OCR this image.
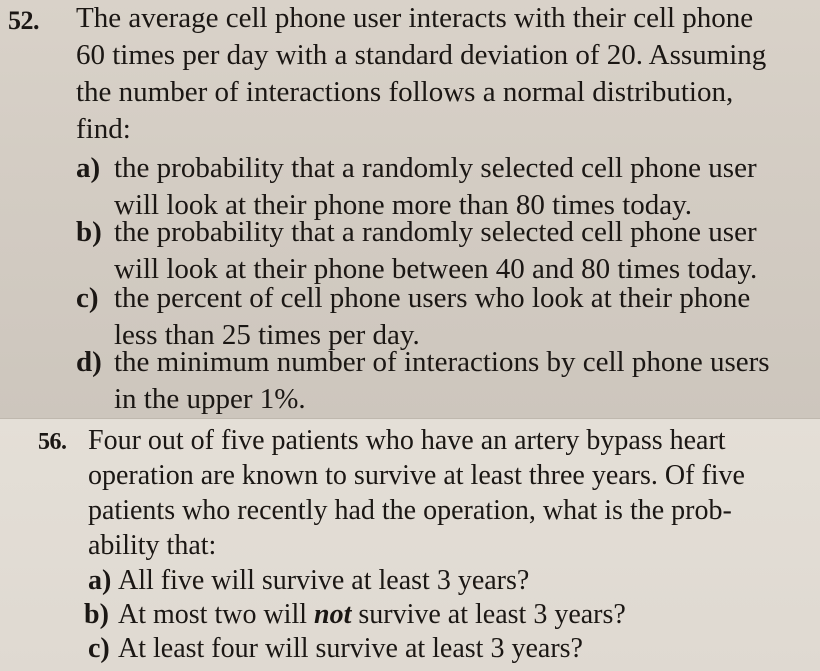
52. The average cell phone user interacts with their cell phone
60 times per day with a standard deviation of 20. Assuming
the number of interactions follows a normal distribution,
find:
a) the probability that a randomly selected cell phone user
will look at their phone more than 80 times today.
b) the probability that a randomly selected cell phone user
will look at their phone between 40 and 80 times today.
c) the percent of cell phone users who look at their phone
less than 25 times per day.
d) the minimum number of interactions by cell phone users
in the upper 1%.
56. Four out of five patients who have an artery bypass heart
operation are known to survive at least three years. Of five
patients who recently had the operation, what is the prob-
ability that:
a) All five will survive at least 3 years?
b) At most two will not survive at least 3 years?
c) At least four will survive at least 3 years?
